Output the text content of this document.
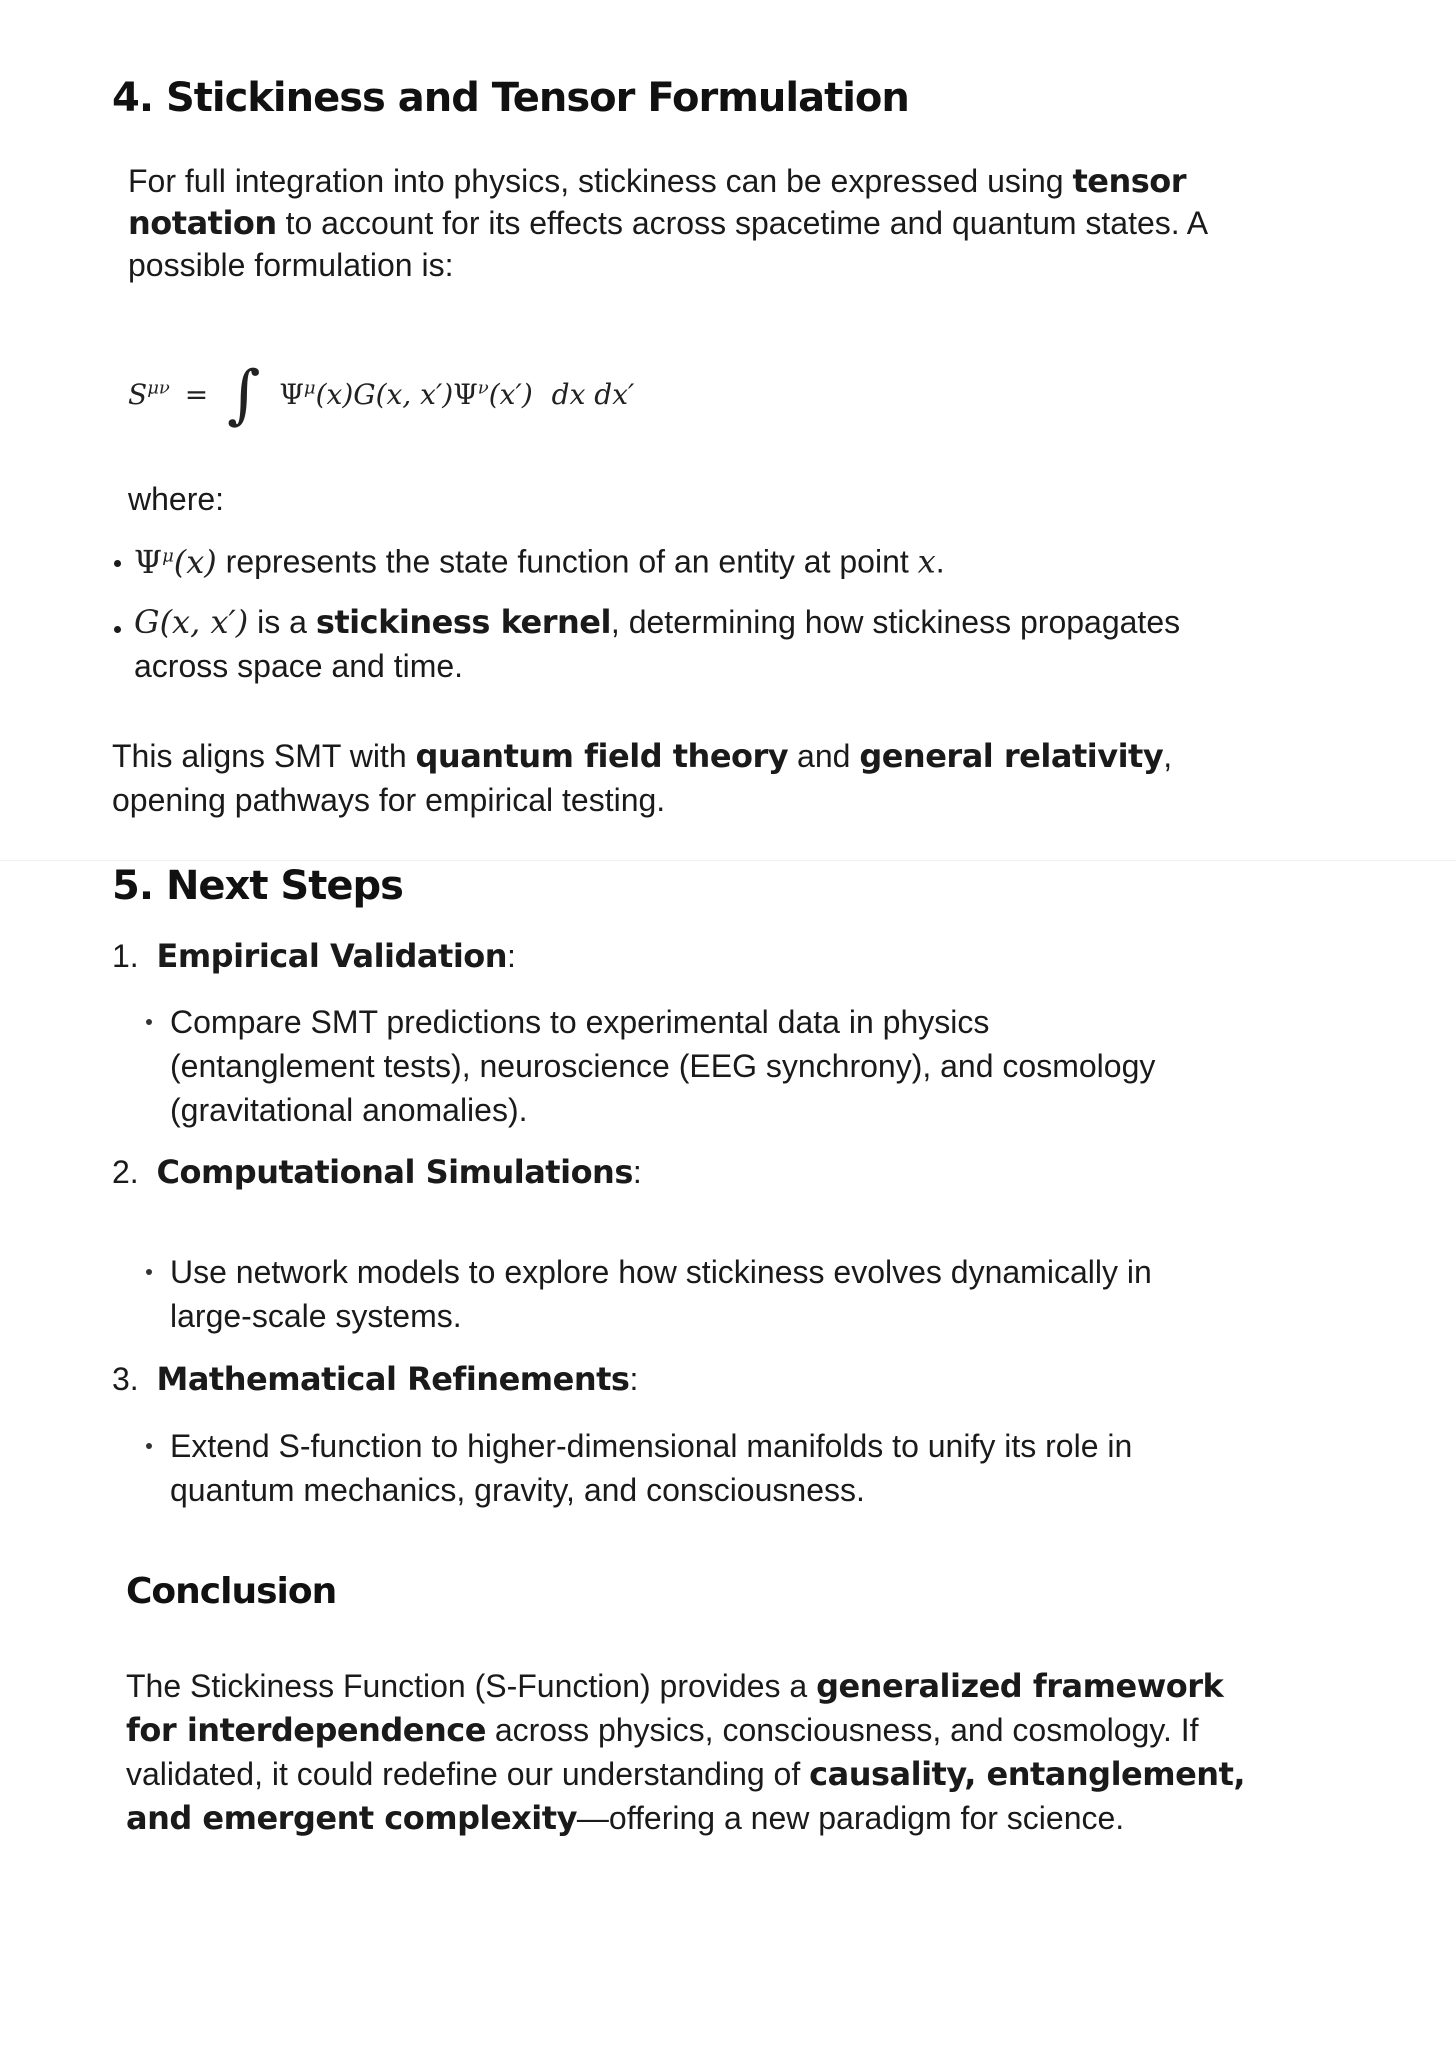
4. Stickiness and Tensor Formulation
For full integration into physics, stickiness can be expressed using tensor
notation to account for its effects across spacetime and quantum states. A
possible formulation is:
$S^{\mu\nu}$ = ∫ $\Psi^\mu(x)G(x$, $x')\Psi^\nu(x')$ dx dx′
where:
$\Psi^\mu(x)$ represents the state function of an entity at point x.
G(x, x′) is a stickiness kernel, determining how stickiness propagates
across space and time.
This aligns SMT with quantum field theory and general relativity,
opening pathways for empirical testing.
5. Next Steps
1. Empirical Validation:
Compare SMT predictions to experimental data in physics
(entanglement tests), neuroscience (EEG synchrony), and cosmology
(gravitational anomalies).
2. Computational Simulations:
Use network models to explore how stickiness evolves dynamically in
large-scale systems.
3. Mathematical Refinements:
Extend S-function to higher-dimensional manifolds to unify its role in
quantum mechanics, gravity, and consciousness.
Conclusion
The Stickiness Function (S-Function) provides a generalized framework
for interdependence across physics, consciousness, and cosmology. If
validated, it could redefine our understanding of causality, entanglement,
and emergent complexity—offering a new paradigm for science.
